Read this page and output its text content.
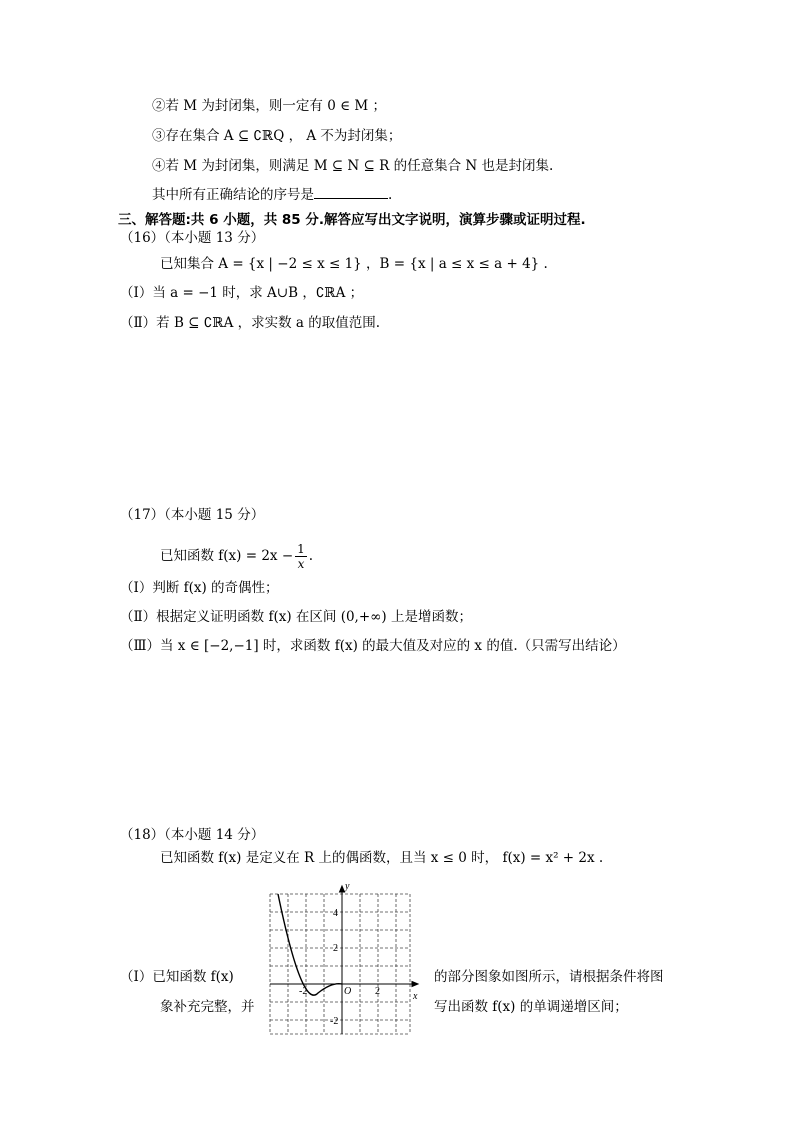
②若 M 为封闭集，则一定有 0 ∈ M ；
③存在集合 A ⊆ ∁ℝQ ， A 不为封闭集；
④若 M 为封闭集，则满足 M ⊆ N ⊆ R 的任意集合 N 也是封闭集.
其中所有正确结论的序号是	.
三、解答题:共 6 小题，共 85 分.解答应写出文字说明，演算步骤或证明过程.
（16）（本小题 13 分）
已知集合 A = {x | −2 ≤ x ≤ 1} ，B = {x | a ≤ x ≤ a + 4} .
（Ⅰ）当 a = −1 时，求 A∪B ，∁ℝA ；
（Ⅱ）若 B ⊆ ∁ℝA ，求实数 a 的取值范围.
（17）（本小题 15 分）
已知函数 $f(x) = 2x - \frac{1}{x}$ .
（Ⅰ）判断 f(x) 的奇偶性；
（Ⅱ）根据定义证明函数 f(x) 在区间 (0,+∞) 上是增函数；
（Ⅲ）当 x ∈ [−2,−1] 时，求函数 f(x) 的最大值及对应的 x 的值.（只需写出结论）
（18）（本小题 14 分）
已知函数 f(x) 是定义在 R 上的偶函数，且当 x ≤ 0 时， f(x) = x² + 2x .
（Ⅰ）已知函数 f(x)
象补充完整，并
的部分图象如图所示，请根据条件将图
写出函数 f(x) 的单调递增区间；
y
x
O
4
2
-2
-2	2
